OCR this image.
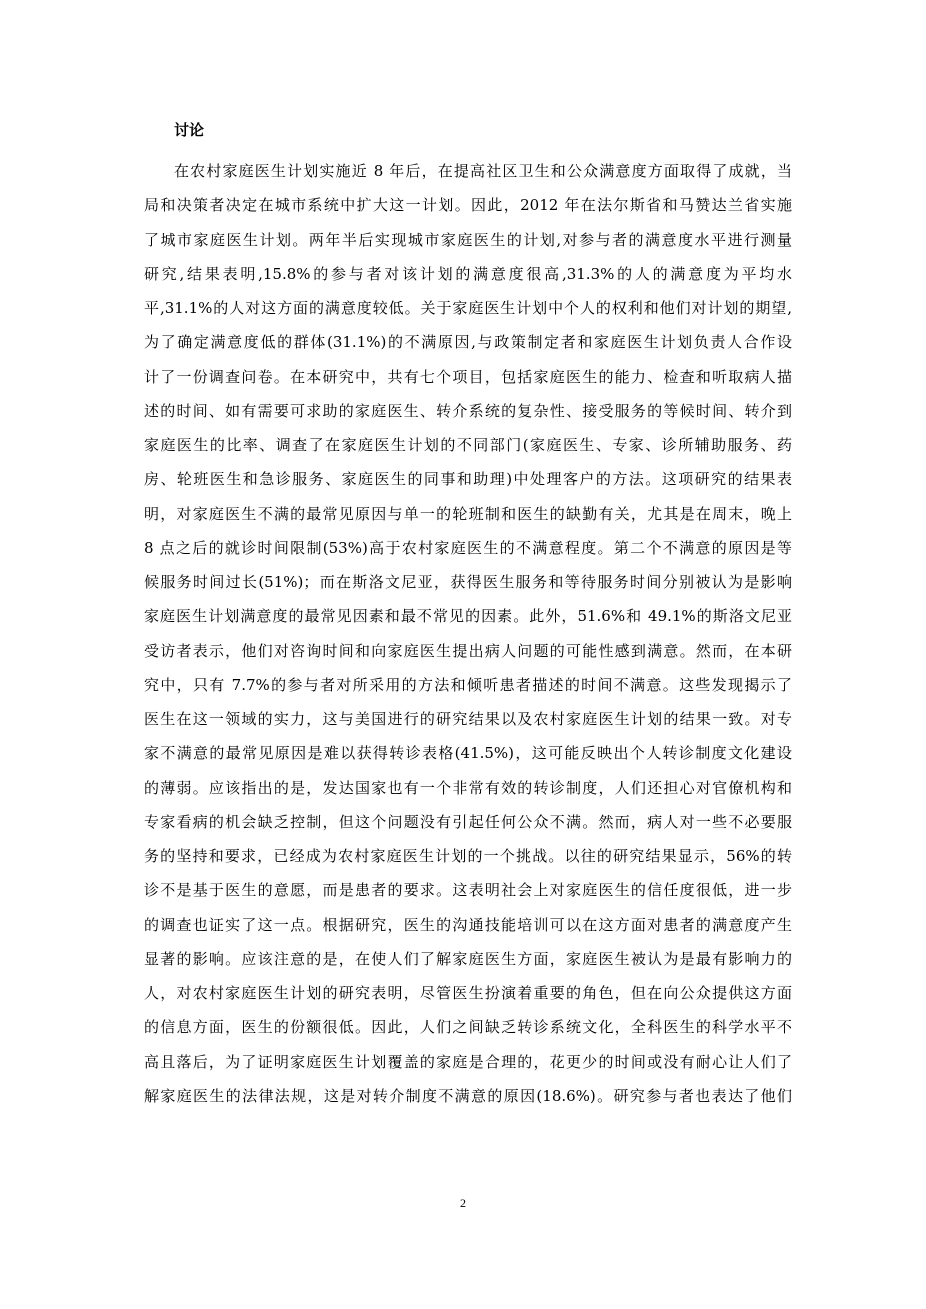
讨论
在农村家庭医生计划实施近 8 年后，在提高社区卫生和公众满意度方面取得了成就，当
局和决策者决定在城市系统中扩大这一计划。因此，2012 年在法尔斯省和马赞达兰省实施
了城市家庭医生计划。两年半后实现城市家庭医生的计划,对参与者的满意度水平进行测量
研究,结果表明,15.8%的参与者对该计划的满意度很高,31.3%的人的满意度为平均水
平,31.1%的人对这方面的满意度较低。关于家庭医生计划中个人的权利和他们对计划的期望,
为了确定满意度低的群体(31.1%)的不满原因,与政策制定者和家庭医生计划负责人合作设
计了一份调查问卷。在本研究中，共有七个项目，包括家庭医生的能力、检查和听取病人描
述的时间、如有需要可求助的家庭医生、转介系统的复杂性、接受服务的等候时间、转介到
家庭医生的比率、调查了在家庭医生计划的不同部门(家庭医生、专家、诊所辅助服务、药
房、轮班医生和急诊服务、家庭医生的同事和助理)中处理客户的方法。这项研究的结果表
明，对家庭医生不满的最常见原因与单一的轮班制和医生的缺勤有关，尤其是在周末，晚上
8 点之后的就诊时间限制(53%)高于农村家庭医生的不满意程度。第二个不满意的原因是等
候服务时间过长(51%)；而在斯洛文尼亚，获得医生服务和等待服务时间分别被认为是影响
家庭医生计划满意度的最常见因素和最不常见的因素。此外，51.6%和 49.1%的斯洛文尼亚
受访者表示，他们对咨询时间和向家庭医生提出病人问题的可能性感到满意。然而，在本研
究中，只有 7.7%的参与者对所采用的方法和倾听患者描述的时间不满意。这些发现揭示了
医生在这一领域的实力，这与美国进行的研究结果以及农村家庭医生计划的结果一致。对专
家不满意的最常见原因是难以获得转诊表格(41.5%)，这可能反映出个人转诊制度文化建设
的薄弱。应该指出的是，发达国家也有一个非常有效的转诊制度，人们还担心对官僚机构和
专家看病的机会缺乏控制，但这个问题没有引起任何公众不满。然而，病人对一些不必要服
务的坚持和要求，已经成为农村家庭医生计划的一个挑战。以往的研究结果显示，56%的转
诊不是基于医生的意愿，而是患者的要求。这表明社会上对家庭医生的信任度很低，进一步
的调查也证实了这一点。根据研究，医生的沟通技能培训可以在这方面对患者的满意度产生
显著的影响。应该注意的是，在使人们了解家庭医生方面，家庭医生被认为是最有影响力的
人，对农村家庭医生计划的研究表明，尽管医生扮演着重要的角色，但在向公众提供这方面
的信息方面，医生的份额很低。因此，人们之间缺乏转诊系统文化，全科医生的科学水平不
高且落后，为了证明家庭医生计划覆盖的家庭是合理的，花更少的时间或没有耐心让人们了
解家庭医生的法律法规，这是对转介制度不满意的原因(18.6%)。研究参与者也表达了他们
2
